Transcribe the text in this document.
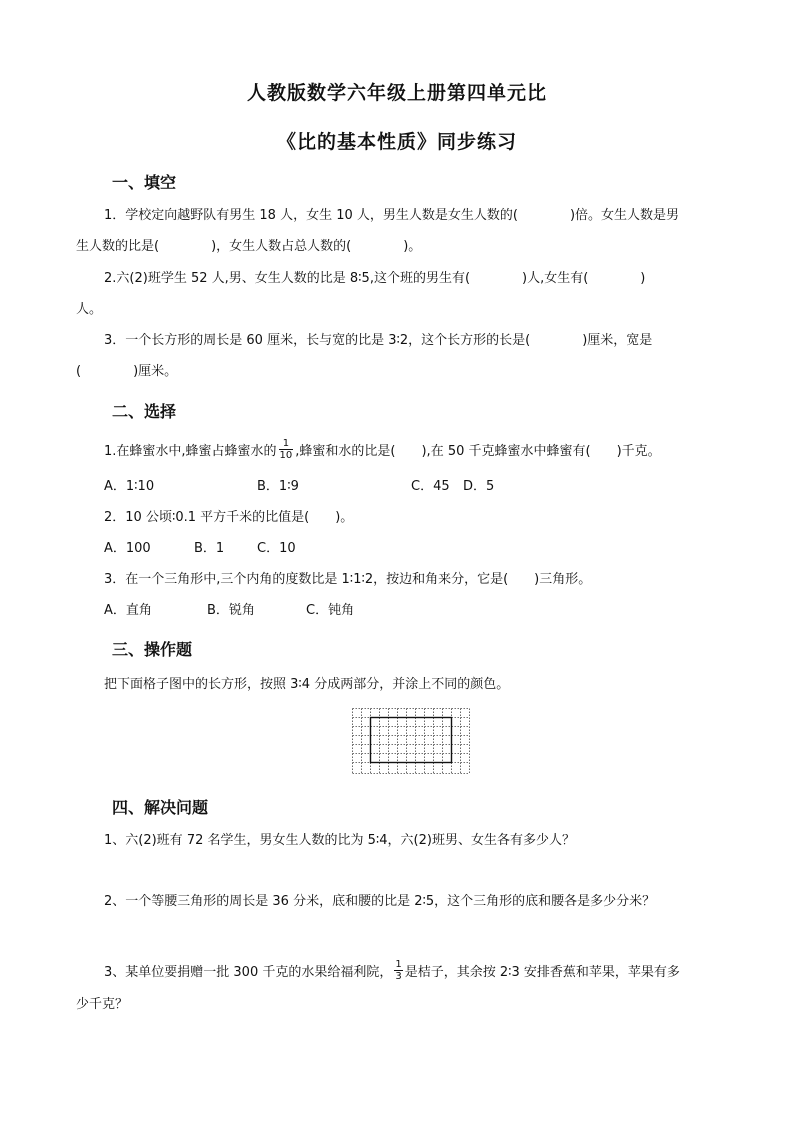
人教版数学六年级上册第四单元比
《比的基本性质》同步练习
一、填空
1．学校定向越野队有男生 18 人，女生 10 人，男生人数是女生人数的(　　　　)倍。女生人数是男
生人数的比是(　　　　)，女生人数占总人数的(　　　　)。
2.六(2)班学生 52 人,男、女生人数的比是 8∶5,这个班的男生有(　　　　)人,女生有(　　　　)
人。
3．一个长方形的周长是 60 厘米，长与宽的比是 3∶2，这个长方形的长是(　　　　)厘米，宽是
(　　　　)厘米。
二、选择
1.在蜂蜜水中,蜂蜜占蜂蜜水的 $\frac{1}{10}$ ,蜂蜜和水的比是(　　),在 50 千克蜂蜜水中蜂蜜有(　　)千克。
A．1∶10	B．1∶9	C．45 D．5
2．10 公顷∶0.1 平方千米的比值是(　　)。
A．100	B．1	C．10
3．在一个三角形中,三个内角的度数比是 1∶1∶2，按边和角来分，它是(　　)三角形。
A．直角	B．锐角	C．钝角
三、操作题
把下面格子图中的长方形，按照 3∶4 分成两部分，并涂上不同的颜色。
四、解决问题
1、六(2)班有 72 名学生，男女生人数的比为 5∶4，六(2)班男、女生各有多少人？
2、一个等腰三角形的周长是 36 分米，底和腰的比是 2∶5，这个三角形的底和腰各是多少分米？
3、某单位要捐赠一批 300 千克的水果给福利院， $\frac{1}{3}$ 是桔子，其余按 2∶3 安排香蕉和苹果，苹果有多
少千克？
